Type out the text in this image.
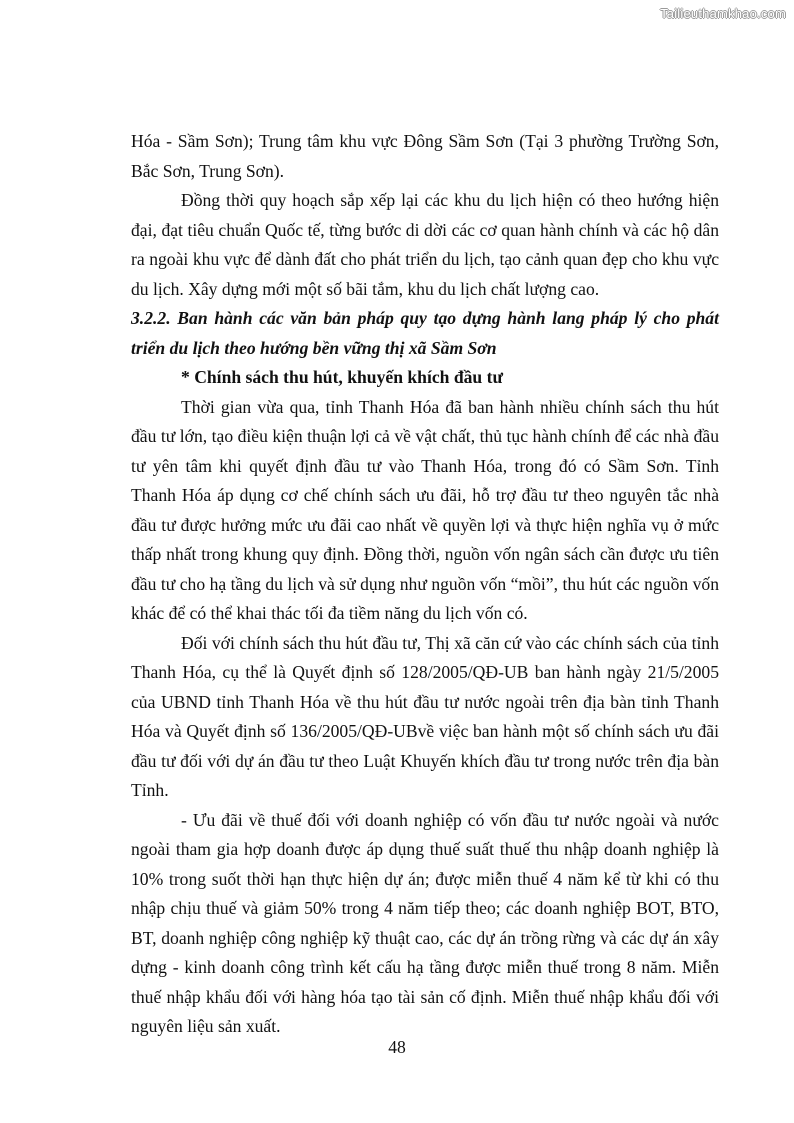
Tailieuthamkhao.com

Hóa - Sầm Sơn); Trung tâm khu vực Đông Sầm Sơn (Tại 3 phường Trường Sơn, Bắc Sơn, Trung Sơn).

Đồng thời quy hoạch sắp xếp lại các khu du lịch hiện có theo hướng hiện đại, đạt tiêu chuẩn Quốc tế, từng bước di dời các cơ quan hành chính và các hộ dân ra ngoài khu vực để dành đất cho phát triển du lịch, tạo cảnh quan đẹp cho khu vực du lịch. Xây dựng mới một số bãi tắm, khu du lịch chất lượng cao.

3.2.2. Ban hành các văn bản pháp quy tạo dựng hành lang pháp lý cho phát triển du lịch theo hướng bền vững thị xã Sầm Sơn

* Chính sách thu hút, khuyến khích đầu tư

Thời gian vừa qua, tỉnh Thanh Hóa đã ban hành nhiều chính sách thu hút đầu tư lớn, tạo điều kiện thuận lợi cả về vật chất, thủ tục hành chính để các nhà đầu tư yên tâm khi quyết định đầu tư vào Thanh Hóa, trong đó có Sầm Sơn. Tỉnh Thanh Hóa áp dụng cơ chế chính sách ưu đãi, hỗ trợ đầu tư theo nguyên tắc nhà đầu tư được hưởng mức ưu đãi cao nhất về quyền lợi và thực hiện nghĩa vụ ở mức thấp nhất trong khung quy định. Đồng thời, nguồn vốn ngân sách cần được ưu tiên đầu tư cho hạ tầng du lịch và sử dụng như nguồn vốn “mồi”, thu hút các nguồn vốn khác để có thể khai thác tối đa tiềm năng du lịch vốn có.

Đối với chính sách thu hút đầu tư, Thị xã căn cứ vào các chính sách của tỉnh Thanh Hóa, cụ thể là Quyết định số 128/2005/QĐ-UB ban hành ngày 21/5/2005 của UBND tỉnh Thanh Hóa về thu hút đầu tư nước ngoài trên địa bàn tỉnh Thanh Hóa và Quyết định số 136/2005/QĐ-UBvề việc ban hành một số chính sách ưu đãi đầu tư đối với dự án đầu tư theo Luật Khuyến khích đầu tư trong nước trên địa bàn Tỉnh.

- Ưu đãi về thuế đối với doanh nghiệp có vốn đầu tư nước ngoài và nước ngoài tham gia hợp doanh được áp dụng thuế suất thuế thu nhập doanh nghiệp là 10% trong suốt thời hạn thực hiện dự án; được miễn thuế 4 năm kể từ khi có thu nhập chịu thuế và giảm 50% trong 4 năm tiếp theo; các doanh nghiệp BOT, BTO, BT, doanh nghiệp công nghiệp kỹ thuật cao, các dự án trồng rừng và các dự án xây dựng - kinh doanh công trình kết cấu hạ tầng được miễn thuế trong 8 năm. Miễn thuế nhập khẩu đối với hàng hóa tạo tài sản cố định. Miễn thuế nhập khẩu đối với nguyên liệu sản xuất.

48
